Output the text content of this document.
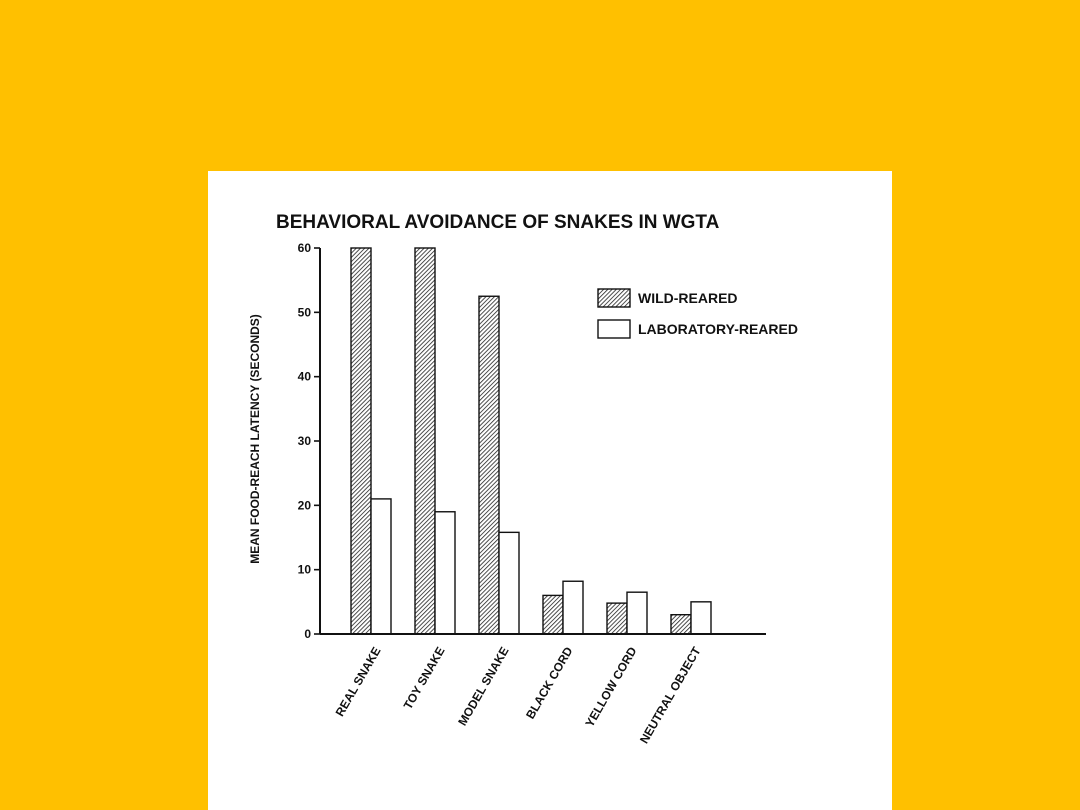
BEHAVIORAL AVOIDANCE OF SNAKES IN WGTA
MEAN FOOD-REACH LATENCY (SECONDS)
0
10
20
30
40
50
60
REAL SNAKE TOY SNAKE MODEL SNAKE BLACK CORD YELLOW CORD
NEUTRAL OBJECT
WILD-REARED
LABORATORY-REARED
